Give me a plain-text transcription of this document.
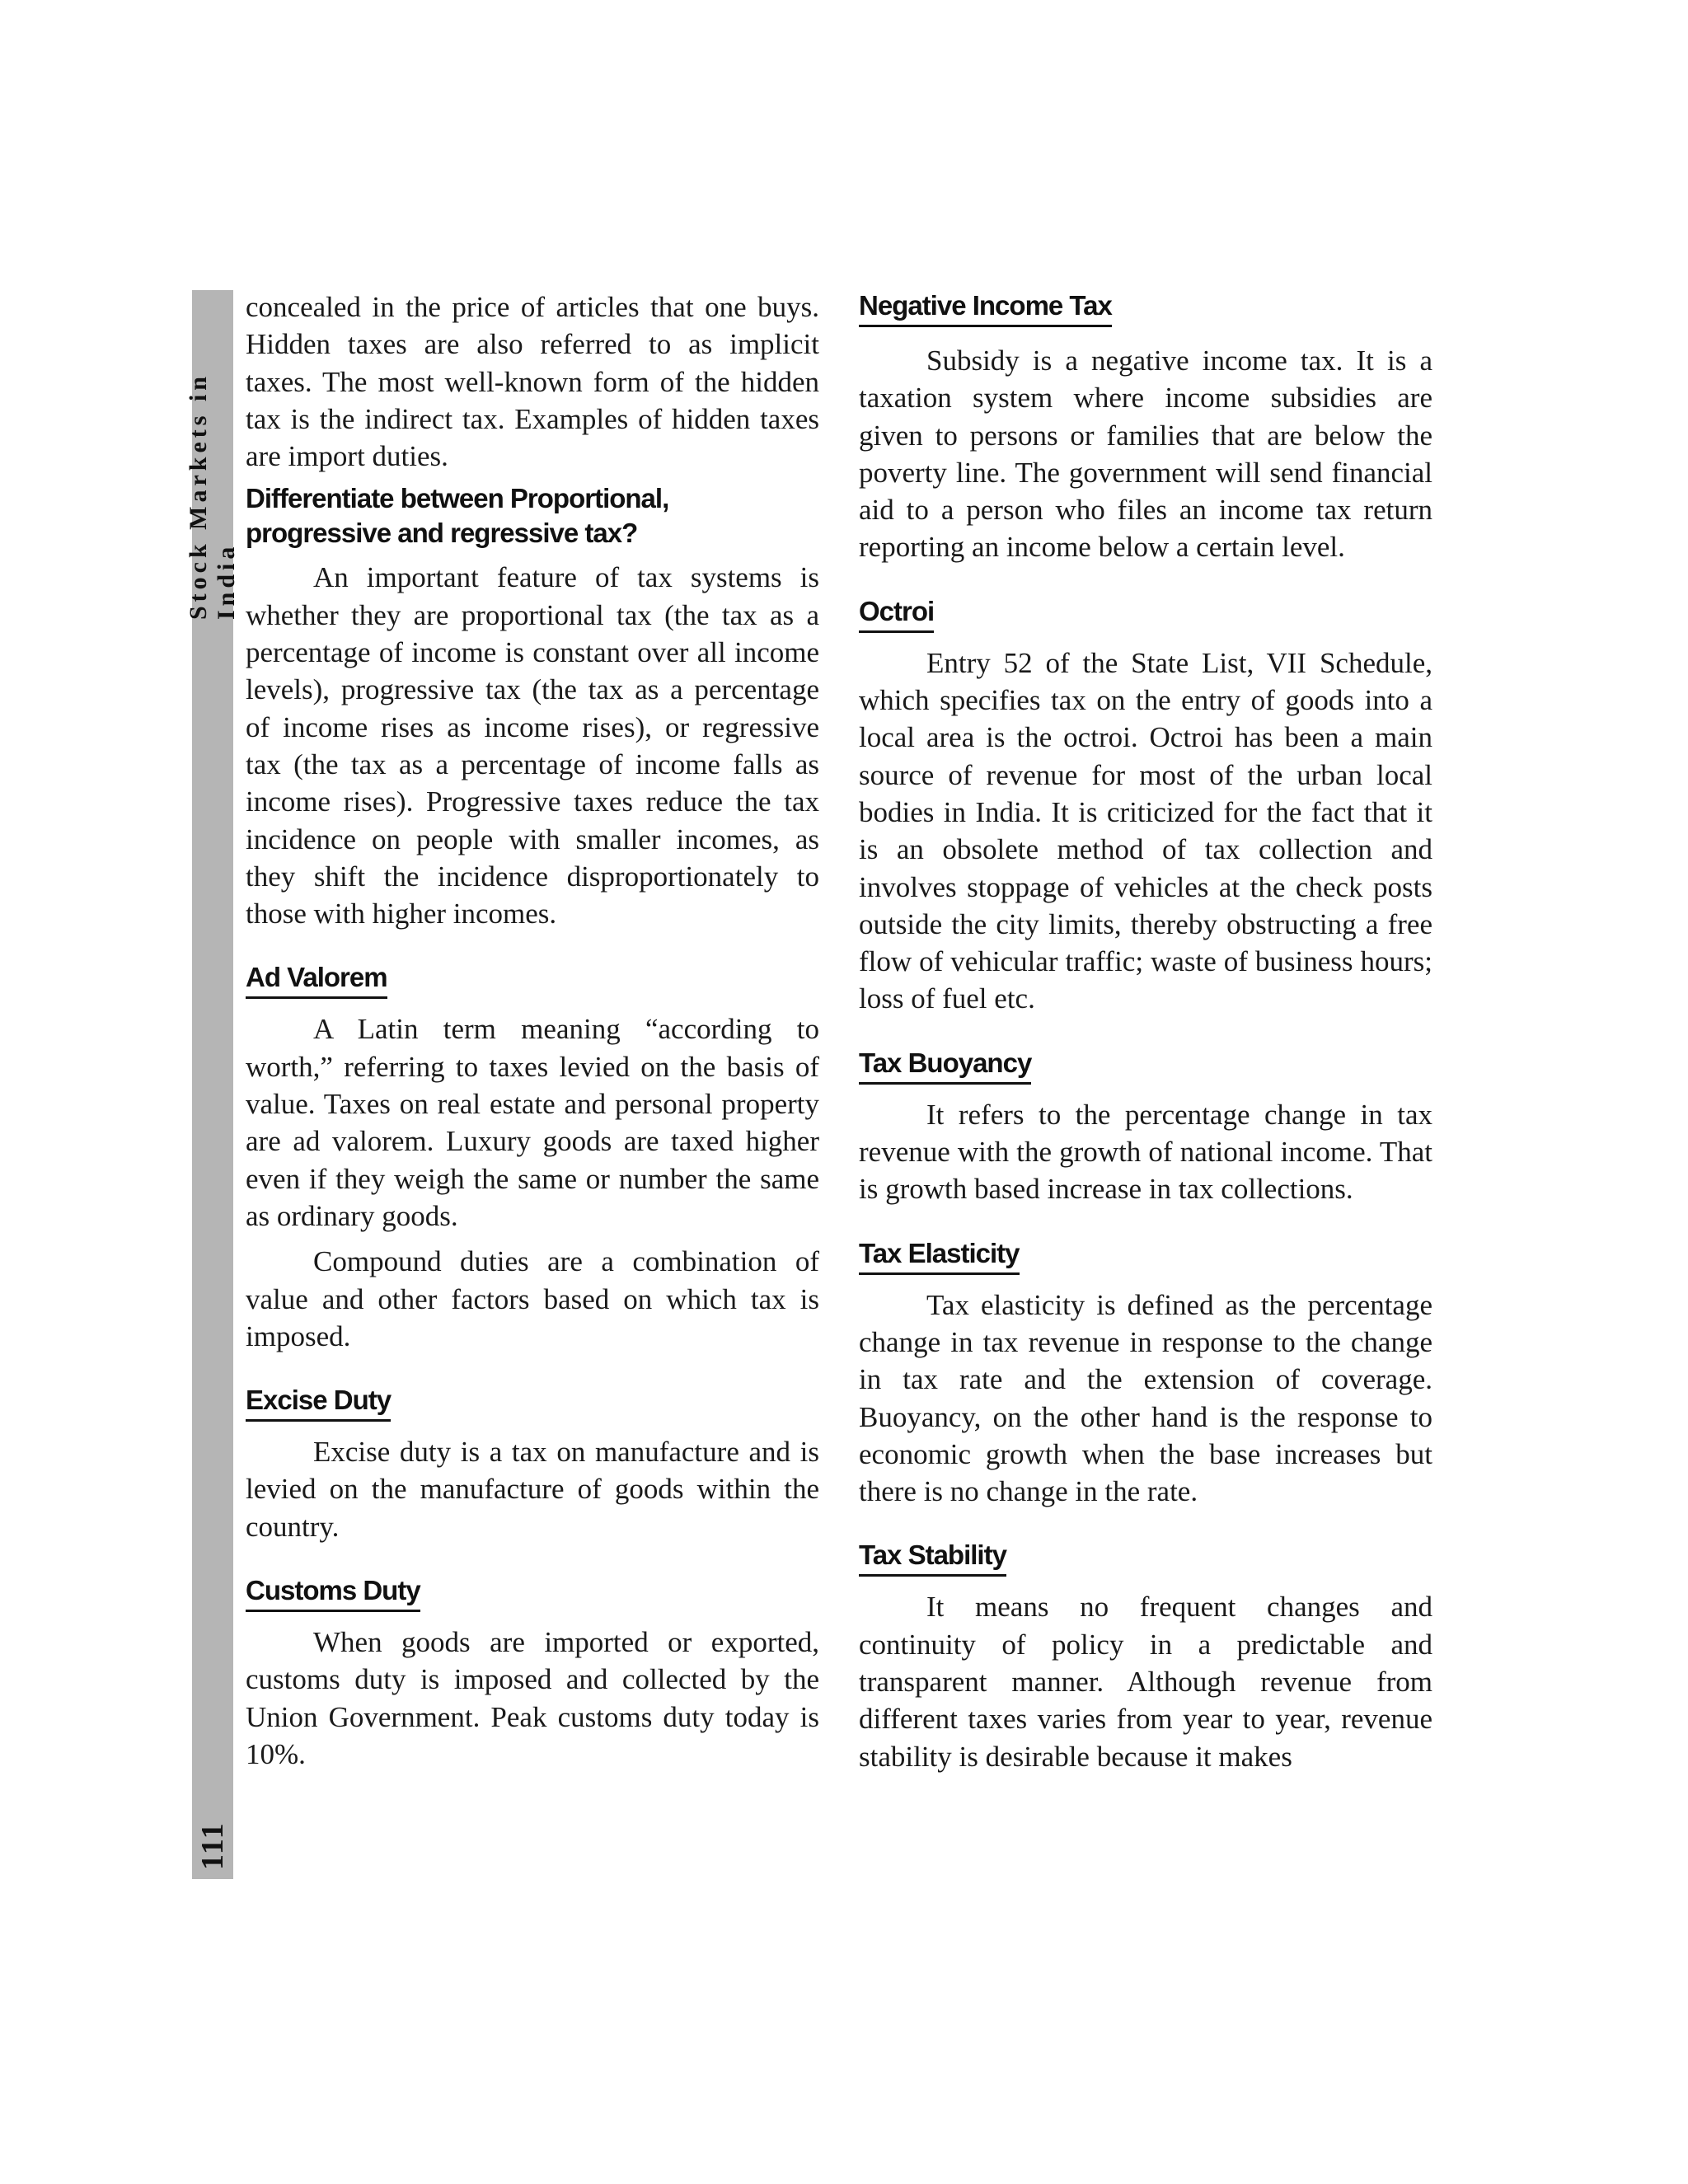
Stock Markets in India
111

concealed in the price of articles that one buys. Hidden taxes are also referred to as implicit taxes. The most well-known form of the hidden tax is the indirect tax. Examples of hidden taxes are import duties.

Differentiate between Proportional, progressive and regressive tax?

An important feature of tax systems is whether they are proportional tax (the tax as a percentage of income is constant over all income levels), progressive tax (the tax as a percentage of income rises as income rises), or regressive tax (the tax as a percentage of income falls as income rises). Progressive taxes reduce the tax incidence on people with smaller incomes, as they shift the incidence disproportionately to those with higher incomes.

Ad Valorem

A Latin term meaning “according to worth,” referring to taxes levied on the basis of value. Taxes on real estate and personal property are ad valorem. Luxury goods are taxed higher even if they weigh the same or number the same as ordinary goods.

Compound duties are a combination of value and other factors based on which tax is imposed.

Excise Duty

Excise duty is a tax on manufacture and is levied on the manufacture of goods within the country.

Customs Duty

When goods are imported or exported, customs duty is imposed and collected by the Union Government. Peak customs duty today is 10%.

Negative Income Tax

Subsidy is a negative income tax. It is a taxation system where income subsidies are given to persons or families that are below the poverty line. The government will send financial aid to a person who files an income tax return reporting an income below a certain level.

Octroi

Entry 52 of the State List, VII Schedule, which specifies tax on the entry of goods into a local area is the octroi. Octroi has been a main source of revenue for most of the urban local bodies in India. It is criticized for the fact that it is an obsolete method of tax collection and involves stoppage of vehicles at the check posts outside the city limits, thereby obstructing a free flow of vehicular traffic; waste of business hours; loss of fuel etc.

Tax Buoyancy

It refers to the percentage change in tax revenue with the growth of national income. That is growth based increase in tax collections.

Tax Elasticity

Tax elasticity is defined as the percentage change in tax revenue in response to the change in tax rate and the extension of coverage. Buoyancy, on the other hand is the response to economic growth when the base increases but there is no change in the rate.

Tax Stability

It means no frequent changes and continuity of policy in a predictable and transparent manner. Although revenue from different taxes varies from year to year, revenue stability is desirable because it makes
